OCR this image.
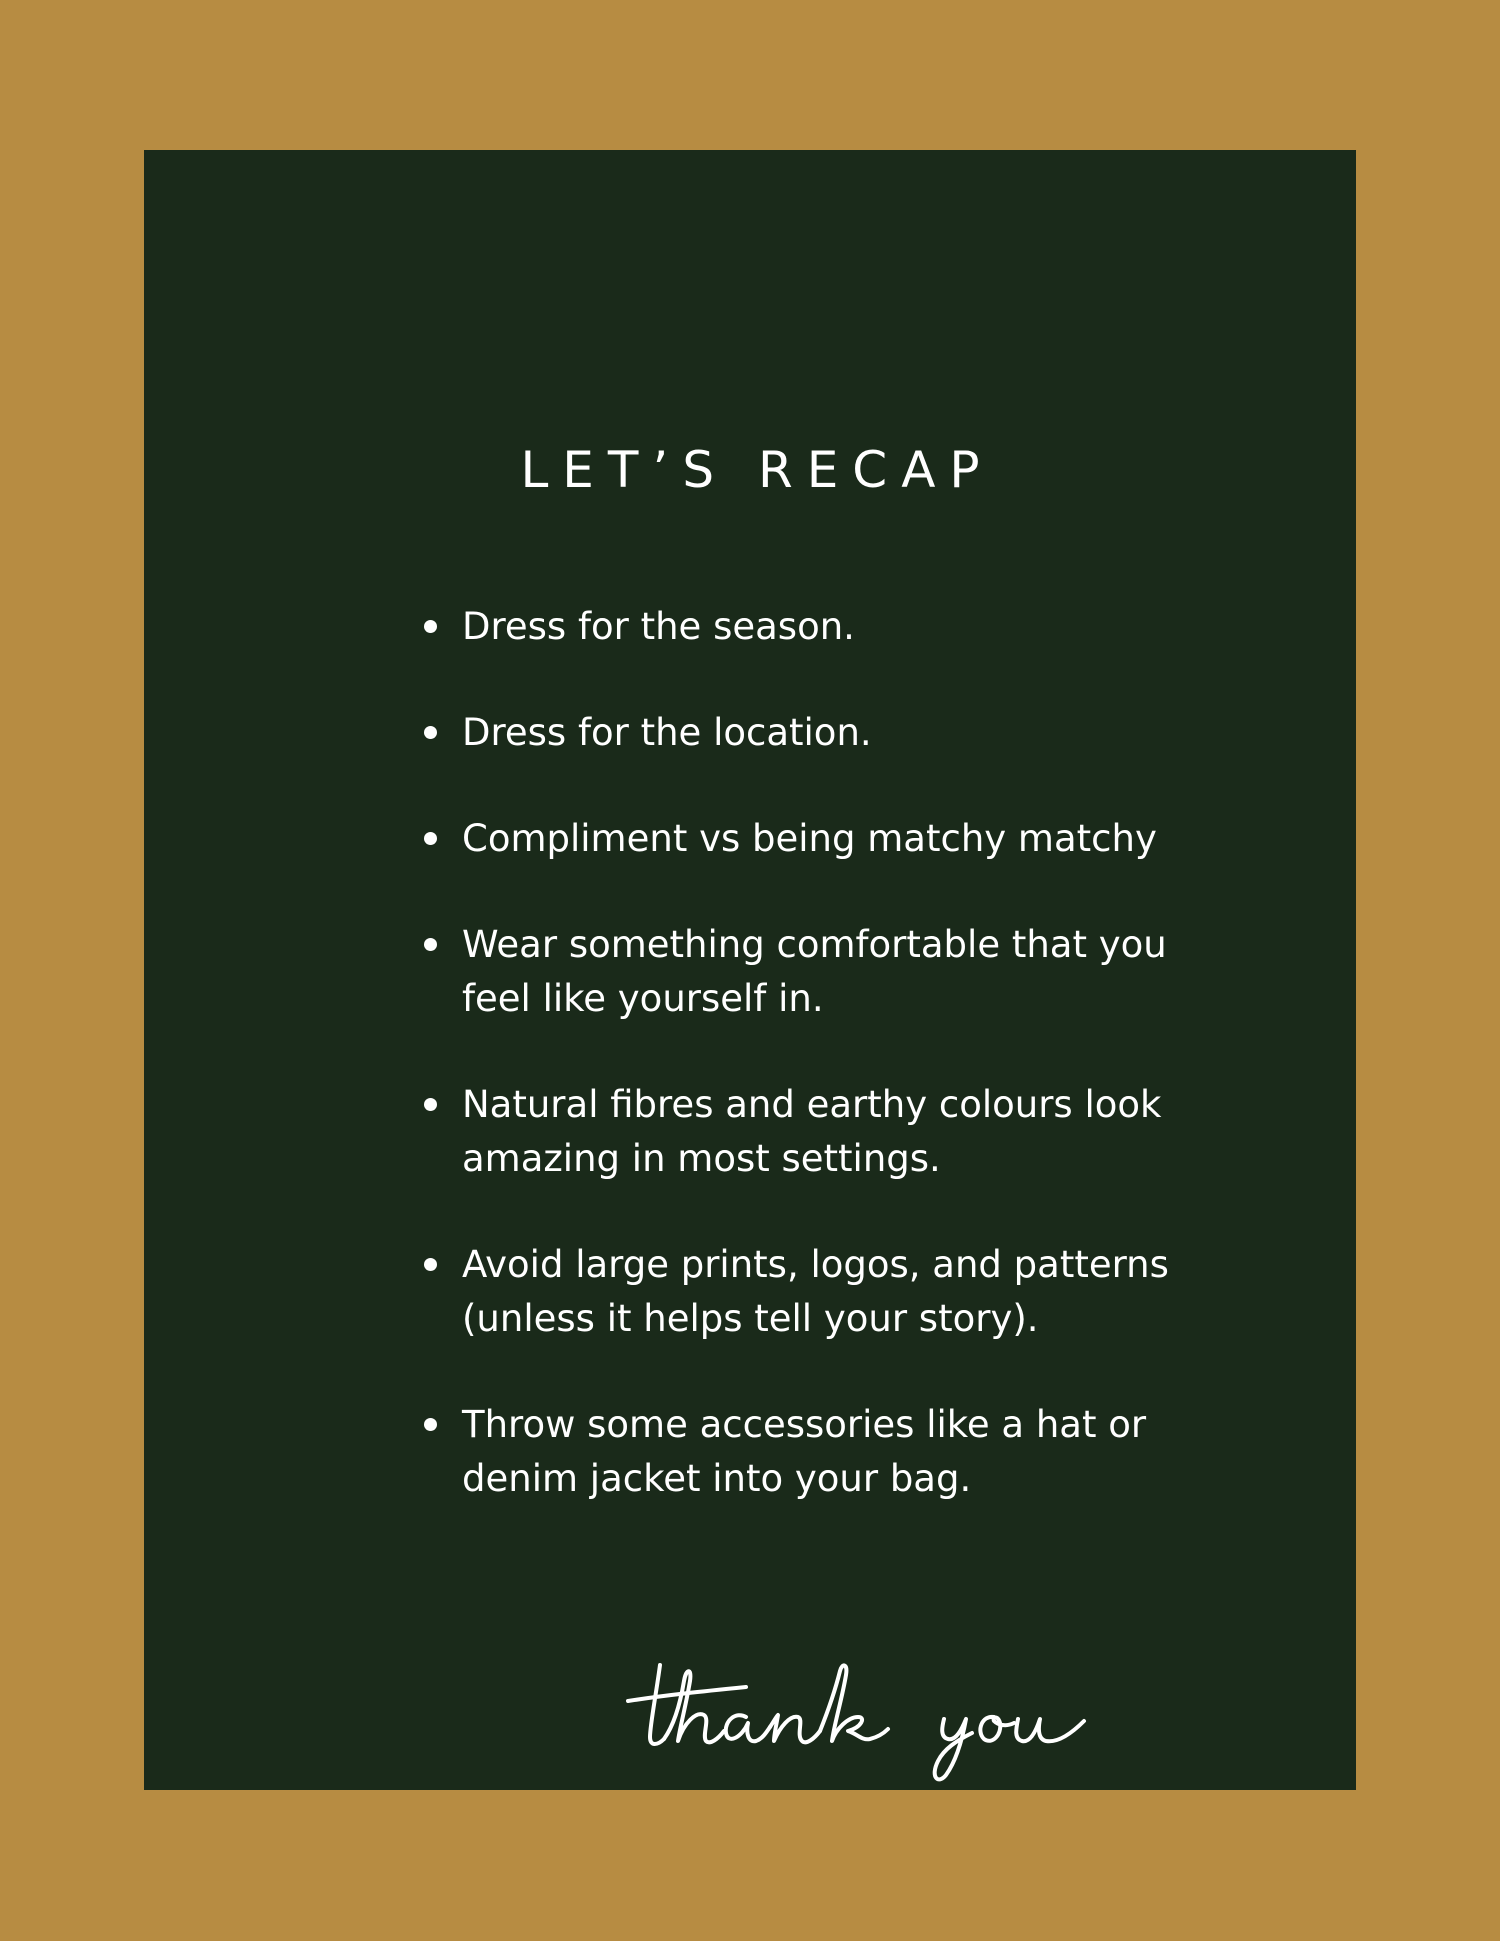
LET’S RECAP
Dress for the season.
Dress for the location.
Compliment vs being matchy matchy
Wear something comfortable that you feel like yourself in.
Natural fibres and earthy colours look amazing in most settings.
Avoid large prints, logos, and patterns (unless it helps tell your story).
Throw some accessories like a hat or denim jacket into your bag.
